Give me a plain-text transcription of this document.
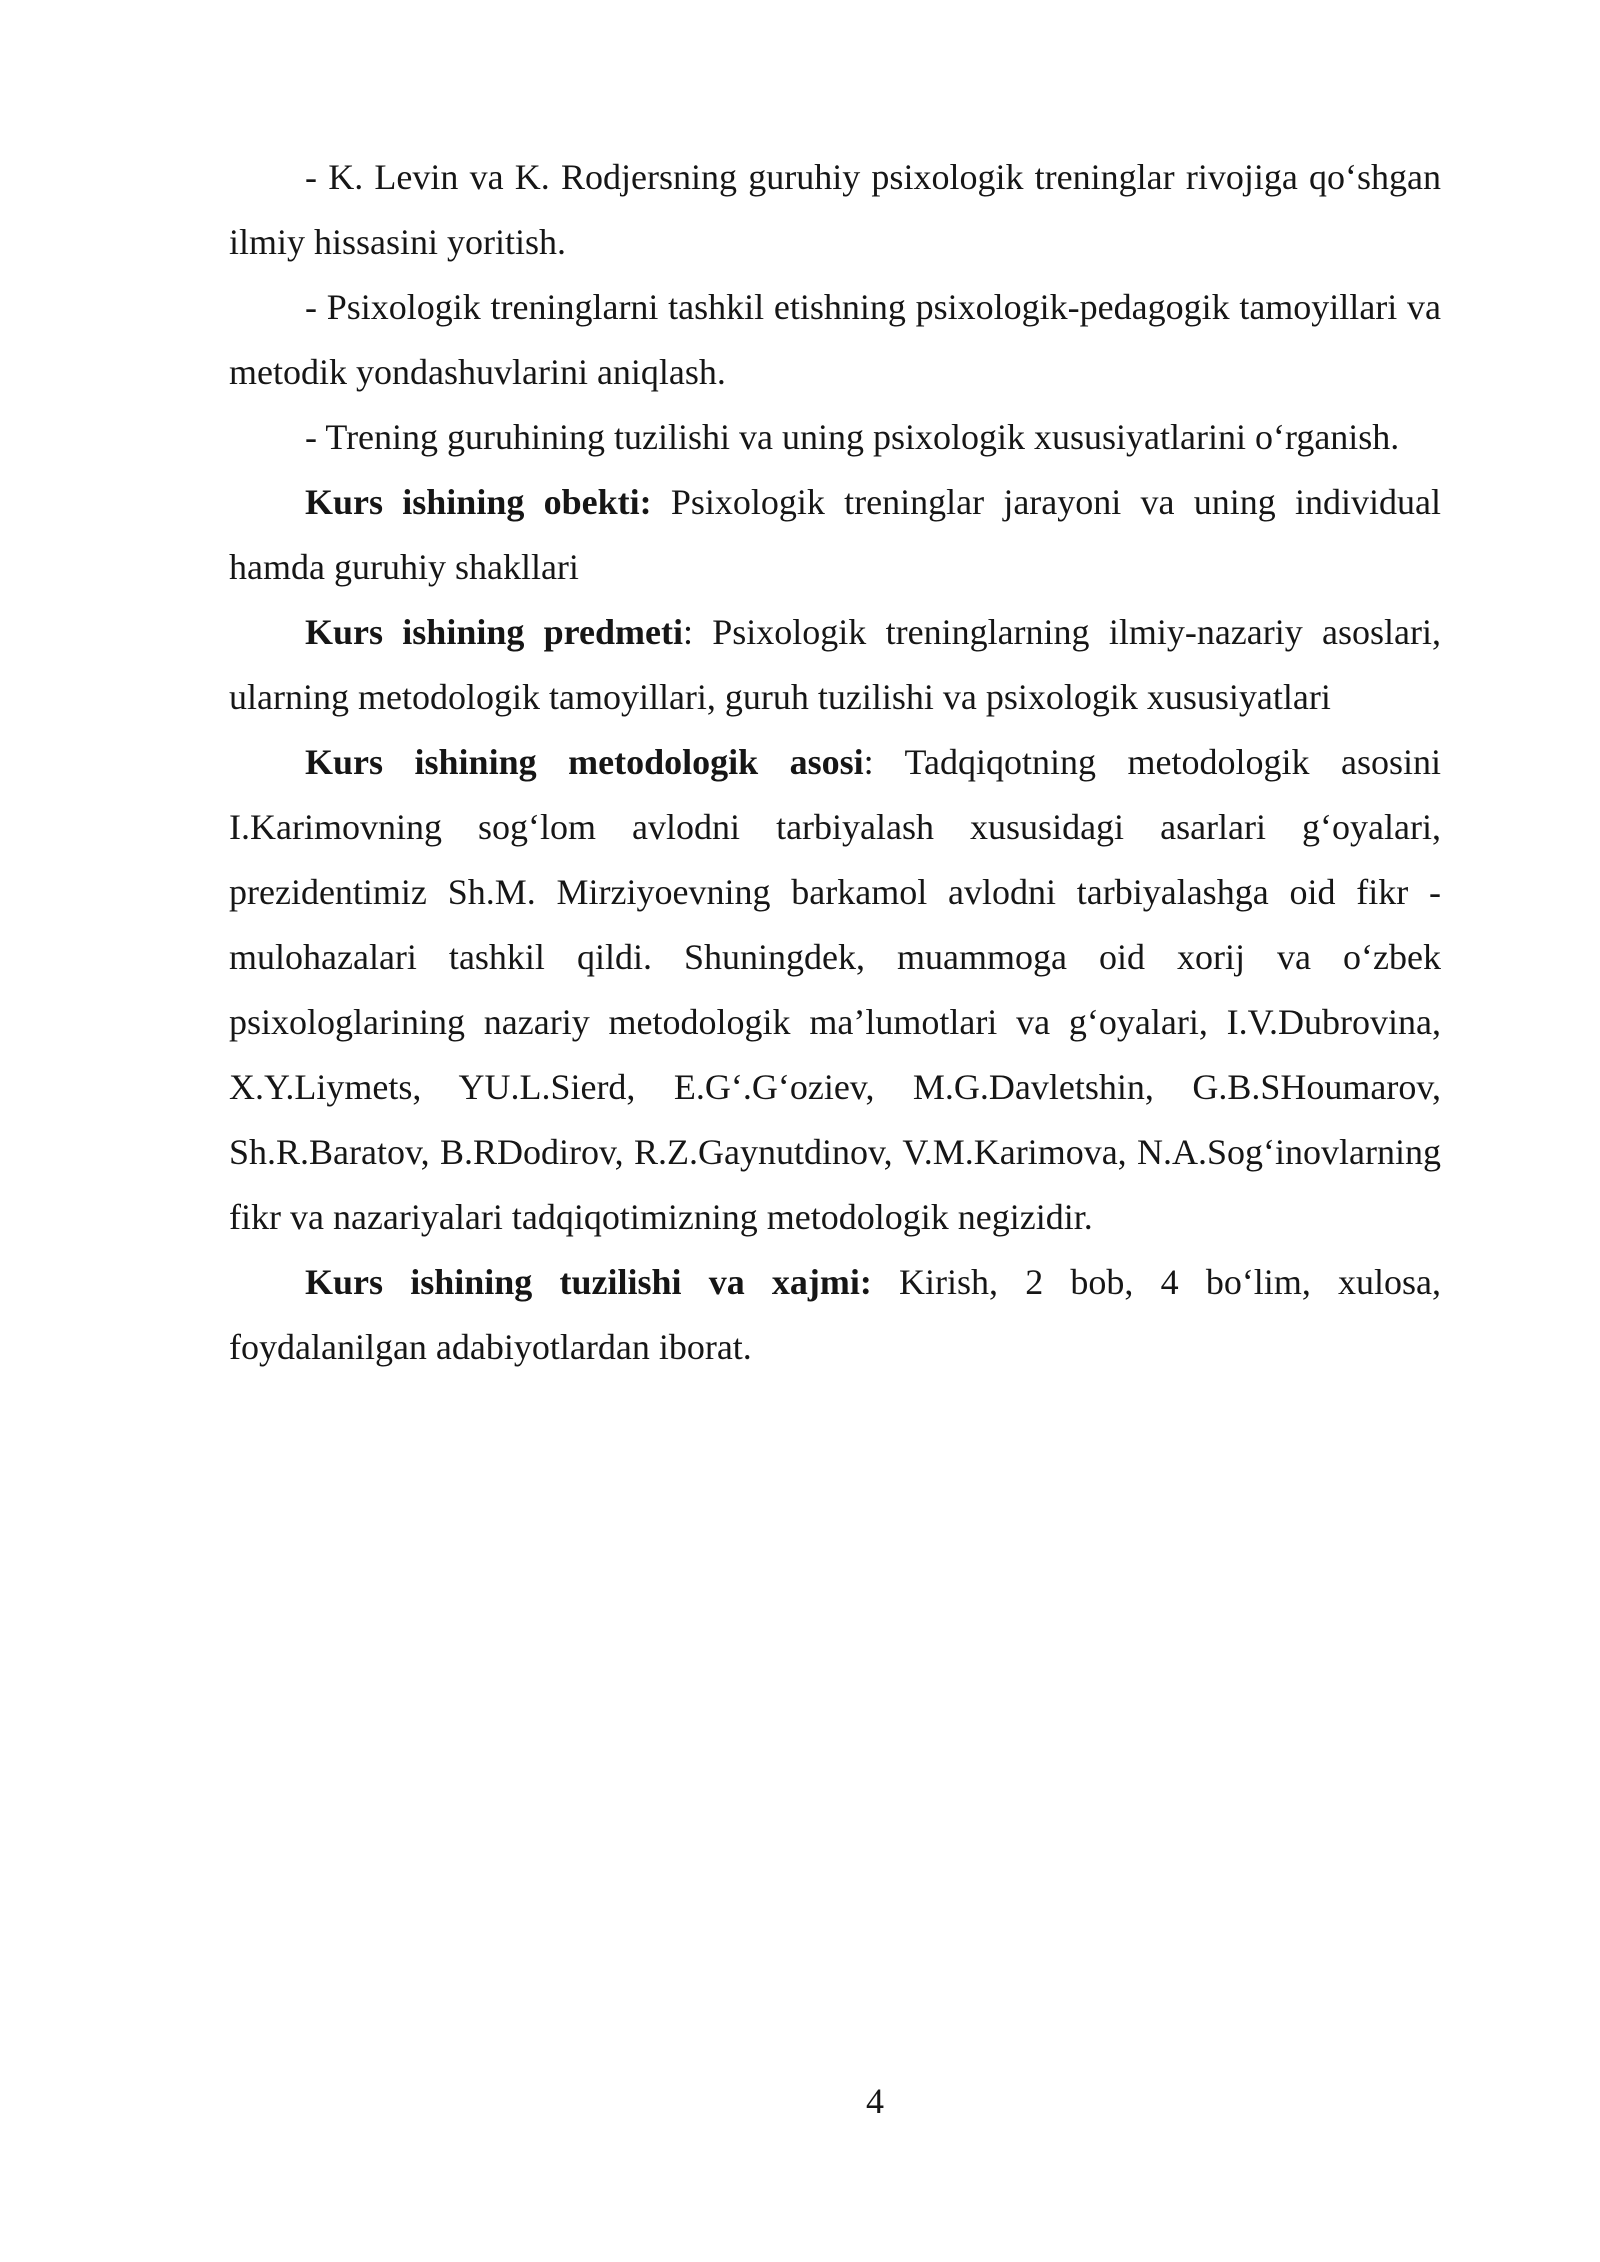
- K. Levin va K. Rodjersning guruhiy psixologik treninglar rivojiga qo‘shgan ilmiy hissasini yoritish.

- Psixologik treninglarni tashkil etishning psixologik-pedagogik tamoyillari va metodik yondashuvlarini aniqlash.

- Trening guruhining tuzilishi va uning psixologik xususiyatlarini o‘rganish.

Kurs ishining obekti: Psixologik treninglar jarayoni va uning individual hamda guruhiy shakllari

Kurs ishining predmeti: Psixologik treninglarning ilmiy-nazariy asoslari, ularning metodologik tamoyillari, guruh tuzilishi va psixologik xususiyatlari

Kurs ishining metodologik asosi: Tadqiqotning metodologik asosini I.Karimovning sog‘lom avlodni tarbiyalash xususidagi asarlari g‘oyalari, prezidentimiz Sh.M. Mirziyoevning barkamol avlodni tarbiyalashga oid fikr -mulohazalari tashkil qildi. Shuningdek, muammoga oid xorij va o‘zbek psixologlarining nazariy metodologik ma’lumotlari va g‘oyalari, I.V.Dubrovina, X.Y.Liymets, YU.L.Sierd, E.G‘.G‘oziev, M.G.Davletshin, G.B.SHoumarov, Sh.R.Baratov, B.RDodirov, R.Z.Gaynutdinov, V.M.Karimova, N.A.Sog‘inovlarning fikr va nazariyalari tadqiqotimizning metodologik negizidir.

Kurs ishining tuzilishi va xajmi: Kirish, 2 bob, 4 bo‘lim, xulosa, foydalanilgan adabiyotlardan iborat.

4
